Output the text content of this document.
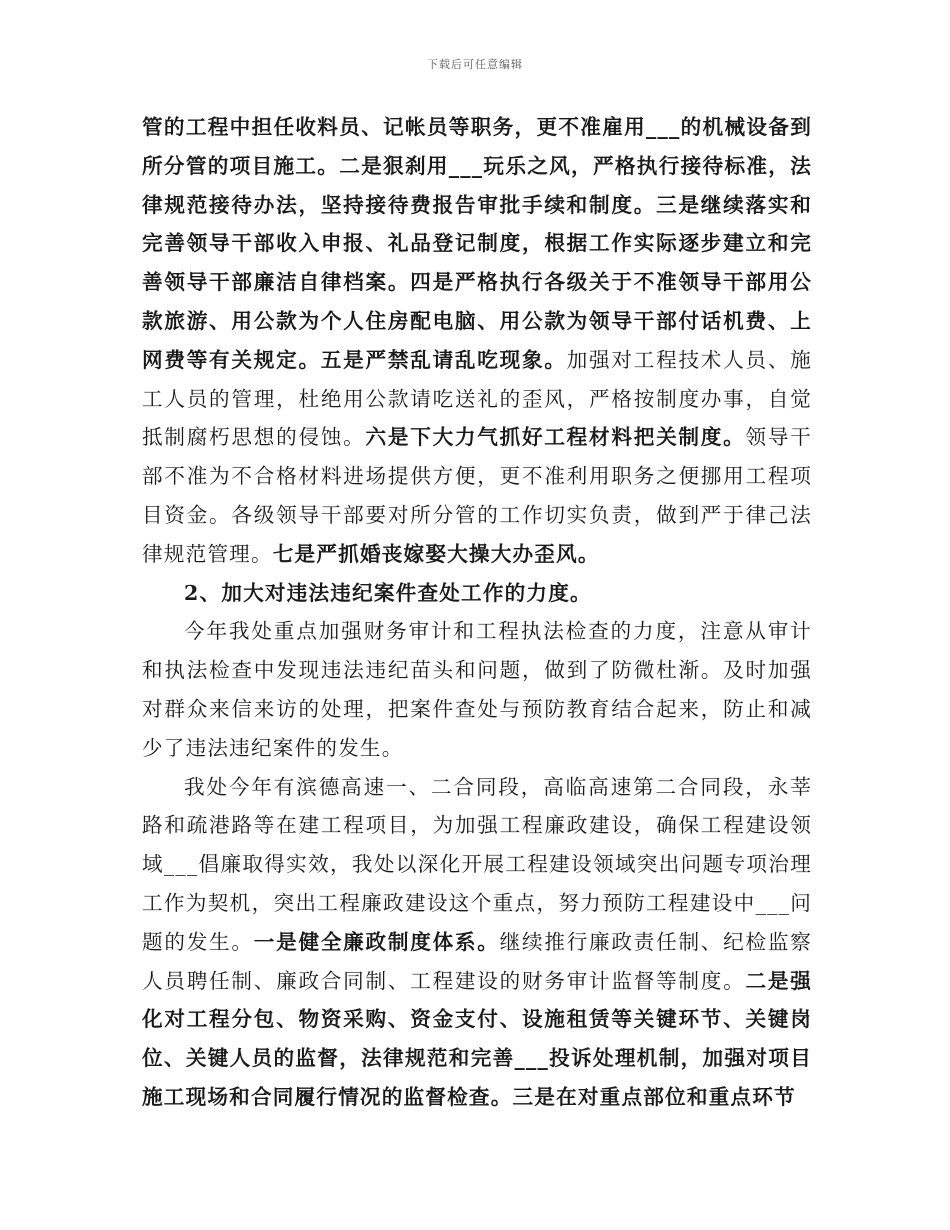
下载后可任意编辑

管的工程中担任收料员、记帐员等职务，更不准雇用___的机械设备到所分管的项目施工。二是狠刹用___玩乐之风，严格执行接待标准，法律规范接待办法，坚持接待费报告审批手续和制度。三是继续落实和完善领导干部收入申报、礼品登记制度，根据工作实际逐步建立和完善领导干部廉洁自律档案。四是严格执行各级关于不准领导干部用公款旅游、用公款为个人住房配电脑、用公款为领导干部付话机费、上网费等有关规定。五是严禁乱请乱吃现象。加强对工程技术人员、施工人员的管理，杜绝用公款请吃送礼的歪风，严格按制度办事，自觉抵制腐朽思想的侵蚀。六是下大力气抓好工程材料把关制度。领导干部不准为不合格材料进场提供方便，更不准利用职务之便挪用工程项目资金。各级领导干部要对所分管的工作切实负责，做到严于律己法律规范管理。七是严抓婚丧嫁娶大操大办歪风。

2、加大对违法违纪案件查处工作的力度。

今年我处重点加强财务审计和工程执法检查的力度，注意从审计和执法检查中发现违法违纪苗头和问题，做到了防微杜渐。及时加强对群众来信来访的处理，把案件查处与预防教育结合起来，防止和减少了违法违纪案件的发生。

我处今年有滨德高速一、二合同段，高临高速第二合同段，永莘路和疏港路等在建工程项目，为加强工程廉政建设，确保工程建设领域___倡廉取得实效，我处以深化开展工程建设领域突出问题专项治理工作为契机，突出工程廉政建设这个重点，努力预防工程建设中___问题的发生。一是健全廉政制度体系。继续推行廉政责任制、纪检监察人员聘任制、廉政合同制、工程建设的财务审计监督等制度。二是强化对工程分包、物资采购、资金支付、设施租赁等关键环节、关键岗位、关键人员的监督，法律规范和完善___投诉处理机制，加强对项目施工现场和合同履行情况的监督检查。三是在对重点部位和重点环节
